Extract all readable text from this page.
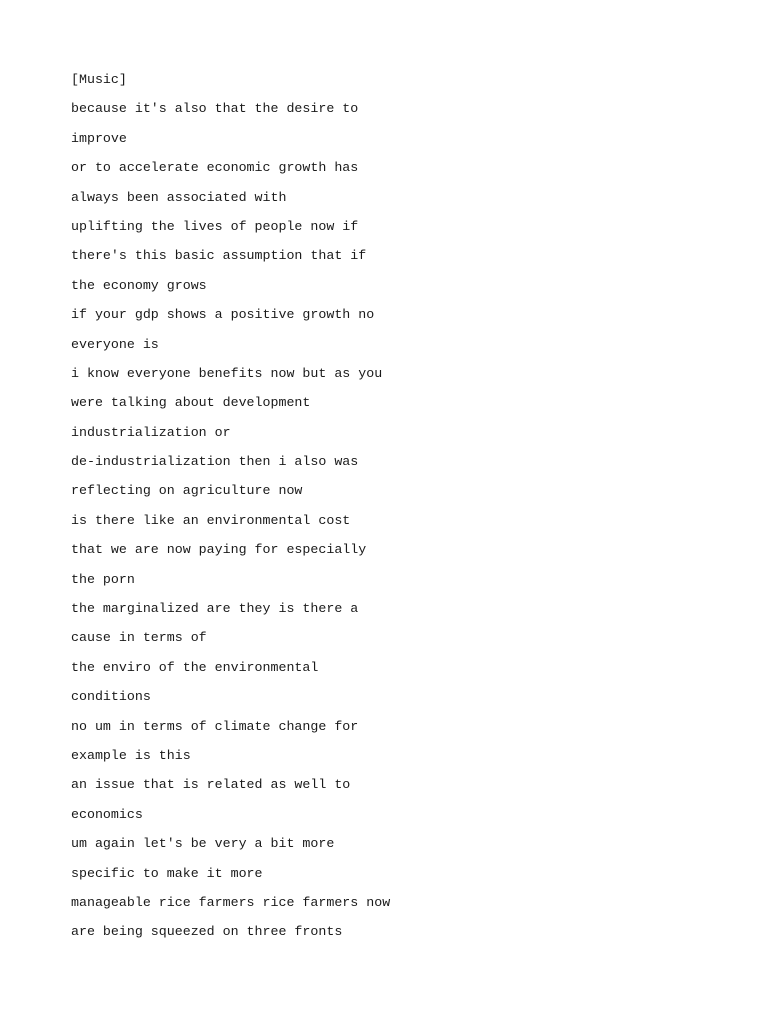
[Music]
because it's also that the desire to
improve
or to accelerate economic growth has
always been associated with
uplifting the lives of people now if
there's this basic assumption that if
the economy grows
if your gdp shows a positive growth no
everyone is
i know everyone benefits now but as you
were talking about development
industrialization or
de-industrialization then i also was
reflecting on agriculture now
is there like an environmental cost
that we are now paying for especially
the porn
the marginalized are they is there a
cause in terms of
the enviro of the environmental
conditions
no um in terms of climate change for
example is this
an issue that is related as well to
economics
um again let's be very a bit more
specific to make it more
manageable rice farmers rice farmers now
are being squeezed on three fronts
